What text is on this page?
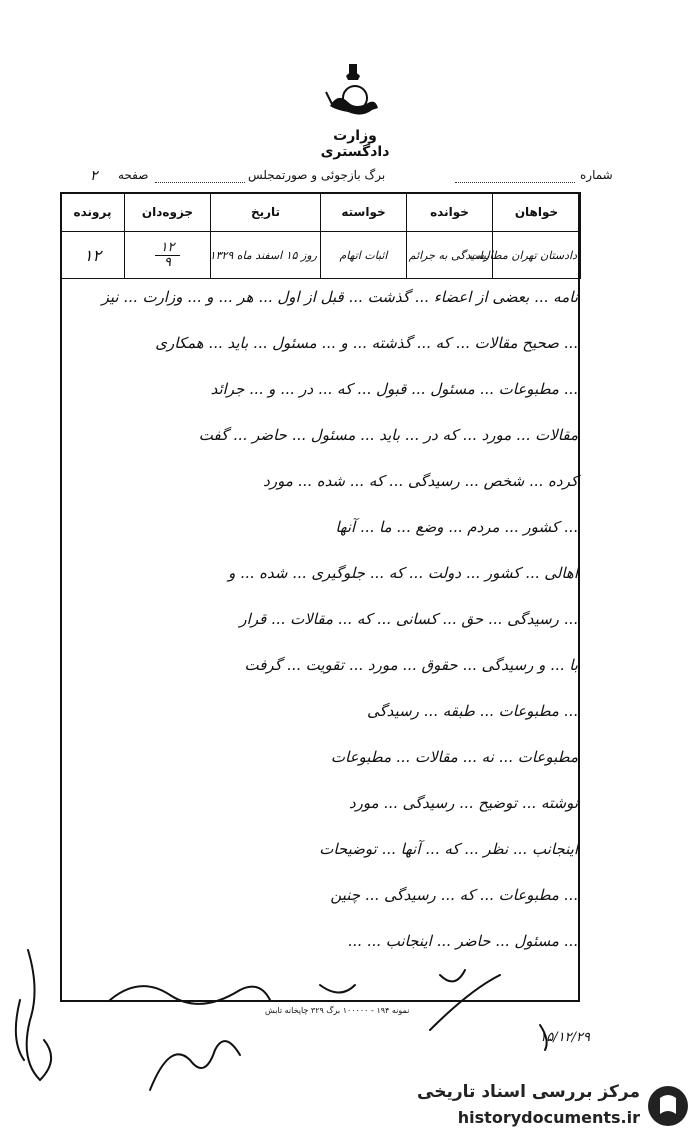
وزارت دادگستری
شماره
برگ بازجوئی و صورتمجلس
صفحه
۲
خواهان	خوانده	خواسته	تاریخ	جزوه‌دان	پرونده
دادستان تهران مطالبات	رسیدگی به جرائم	اثبات اتهام	روز ۱۵ اسفند ماه ۱۳۲۹	$\frac{۱۲}{۹}$	۱۲
نامه ... بعضی از اعضاء ... گذشت ... قبل از اول ... هر ... و ... وزارت ... نیز
... صحیح مقالات ... که ... گذشته ... و ... مسئول ... باید ... همکاری
... مطبوعات ... مسئول ... قبول ... که ... در ... و ... جرائد
مقالات ... مورد ... که در ... باید ... مسئول ... حاضر ... گفت
کرده ... شخص ... رسیدگی ... که ... شده ... مورد
... کشور ... مردم ... وضع ... ما ... آنها
اهالی ... کشور ... دولت ... که ... جلوگیری ... شده ... و
... رسیدگی ... حق ... کسانی ... که ... مقالات ... قرار
با ... و رسیدگی ... حقوق ... مورد ... تقویت ... گرفت
... مطبوعات ... طبقه ... رسیدگی
مطبوعات ... نه ... مقالات ... مطبوعات
نوشته ... توضیح ... رسیدگی ... مورد
اینجانب ... نظر ... که ... آنها ... توضیحات
... مطبوعات ... که ... رسیدگی ... چنین
... مسئول ... حاضر ... اینجانب ... ...
نمونه ۱۹۴ - ۱۰۰۰۰۰ برگ ۳۲۹ چاپخانه تابش
۱۵/۱۲/۲۹
مرکز بررسی اسناد تاریخی
historydocuments.ir
